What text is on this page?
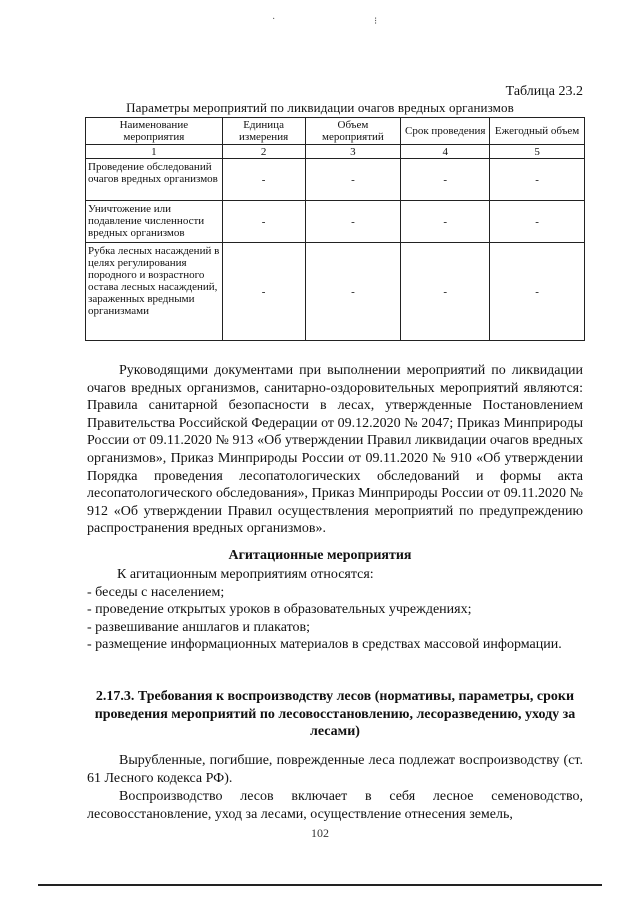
·	⁝
Таблица 23.2
Параметры мероприятий по ликвидации очагов вредных организмов
Наименование мероприятия	Единица измерения	Объем мероприятий	Срок проведения	Ежегодный объем
1	2	3	4	5
Проведение обследований очагов вредных организмов	-	-	-	-
Уничтожение или подавление численности вредных организмов	-	-	-	-
Рубка лесных насаждений в целях регулирования породного и возрастного остава лесных насаждений, зараженных вредными организмами	-	-	-	-
Руководящими документами при выполнении мероприятий по ликвидации очагов вредных организмов, санитарно-оздоровительных мероприятий являются: Правила санитарной безопасности в лесах, утвержденные Постановлением Правительства Российской Федерации от 09.12.2020 № 2047; Приказ Минприроды России от 09.11.2020 № 913 «Об утверждении Правил ликвидации очагов вредных организмов», Приказ Минприроды России от 09.11.2020 № 910 «Об утверждении Порядка проведения лесопатологических обследований и формы акта лесопатологического обследования», Приказ Минприроды России от 09.11.2020 № 912 «Об утверждении Правил осуществления мероприятий по предупреждению распространения вредных организмов».
Агитационные мероприятия
К агитационным мероприятиям относятся:
- беседы с населением;
- проведение открытых уроков в образовательных учреждениях;
- развешивание аншлагов и плакатов;
- размещение информационных материалов в средствах массовой информации.
2.17.3. Требования к воспроизводству лесов (нормативы, параметры, сроки проведения мероприятий по лесовосстановлению, лесоразведению, уходу за лесами)
Вырубленные, погибшие, поврежденные леса подлежат воспроизводству (ст. 61 Лесного кодекса РФ).
Воспроизводство лесов включает в себя лесное семеноводство, лесовосстановление, уход за лесами, осуществление отнесения земель,
102
